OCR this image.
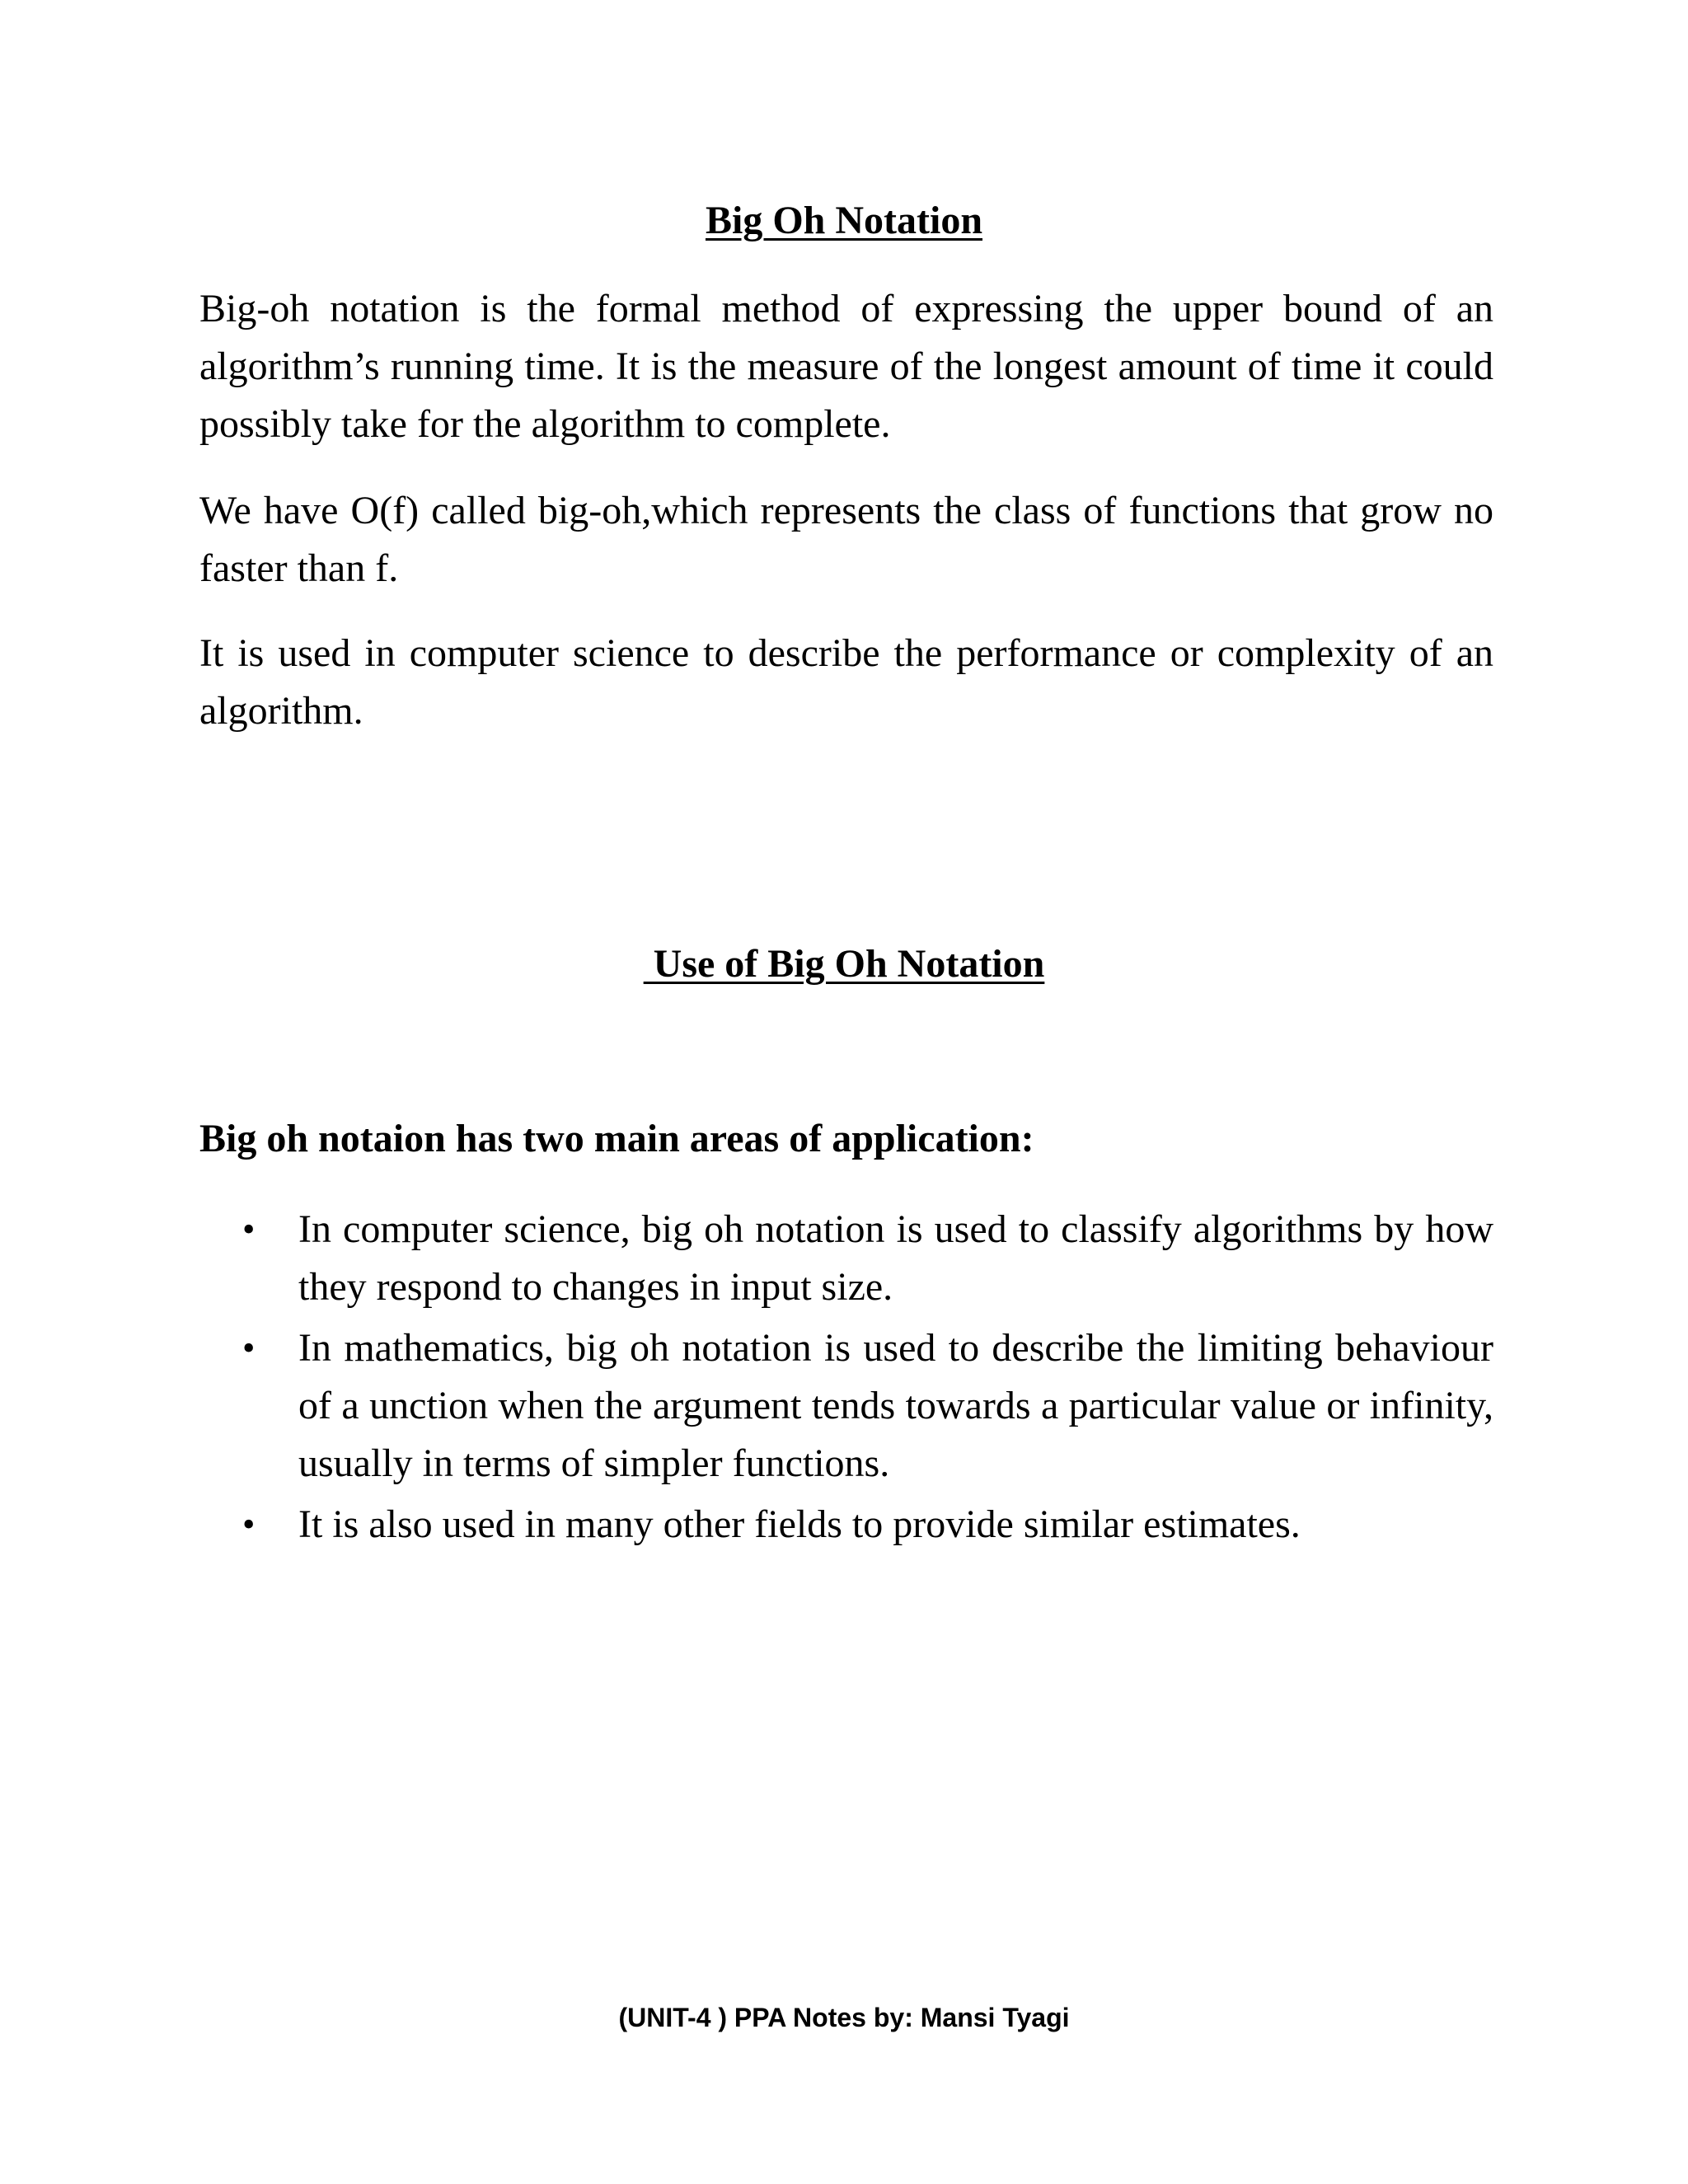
Big Oh Notation

Big-oh notation is the formal method of expressing the upper bound of an algorithm’s running time. It is the measure of the longest amount of time it could possibly take for the algorithm to complete.

We have O(f) called big-oh,which represents the class of functions that grow no faster than f.

It is used in computer science to describe the performance or complexity of an algorithm.

Use of Big Oh Notation

Big oh notaion has two main areas of application:

• In computer science, big oh notation is used to classify algorithms by how they respond to changes in input size.
• In mathematics, big oh notation is used to describe the limiting behaviour of a unction when the argument tends towards a particular value or infinity, usually in terms of simpler functions.
• It is also used in many other fields to provide similar estimates.

(UNIT-4 ) PPA Notes by: Mansi Tyagi
